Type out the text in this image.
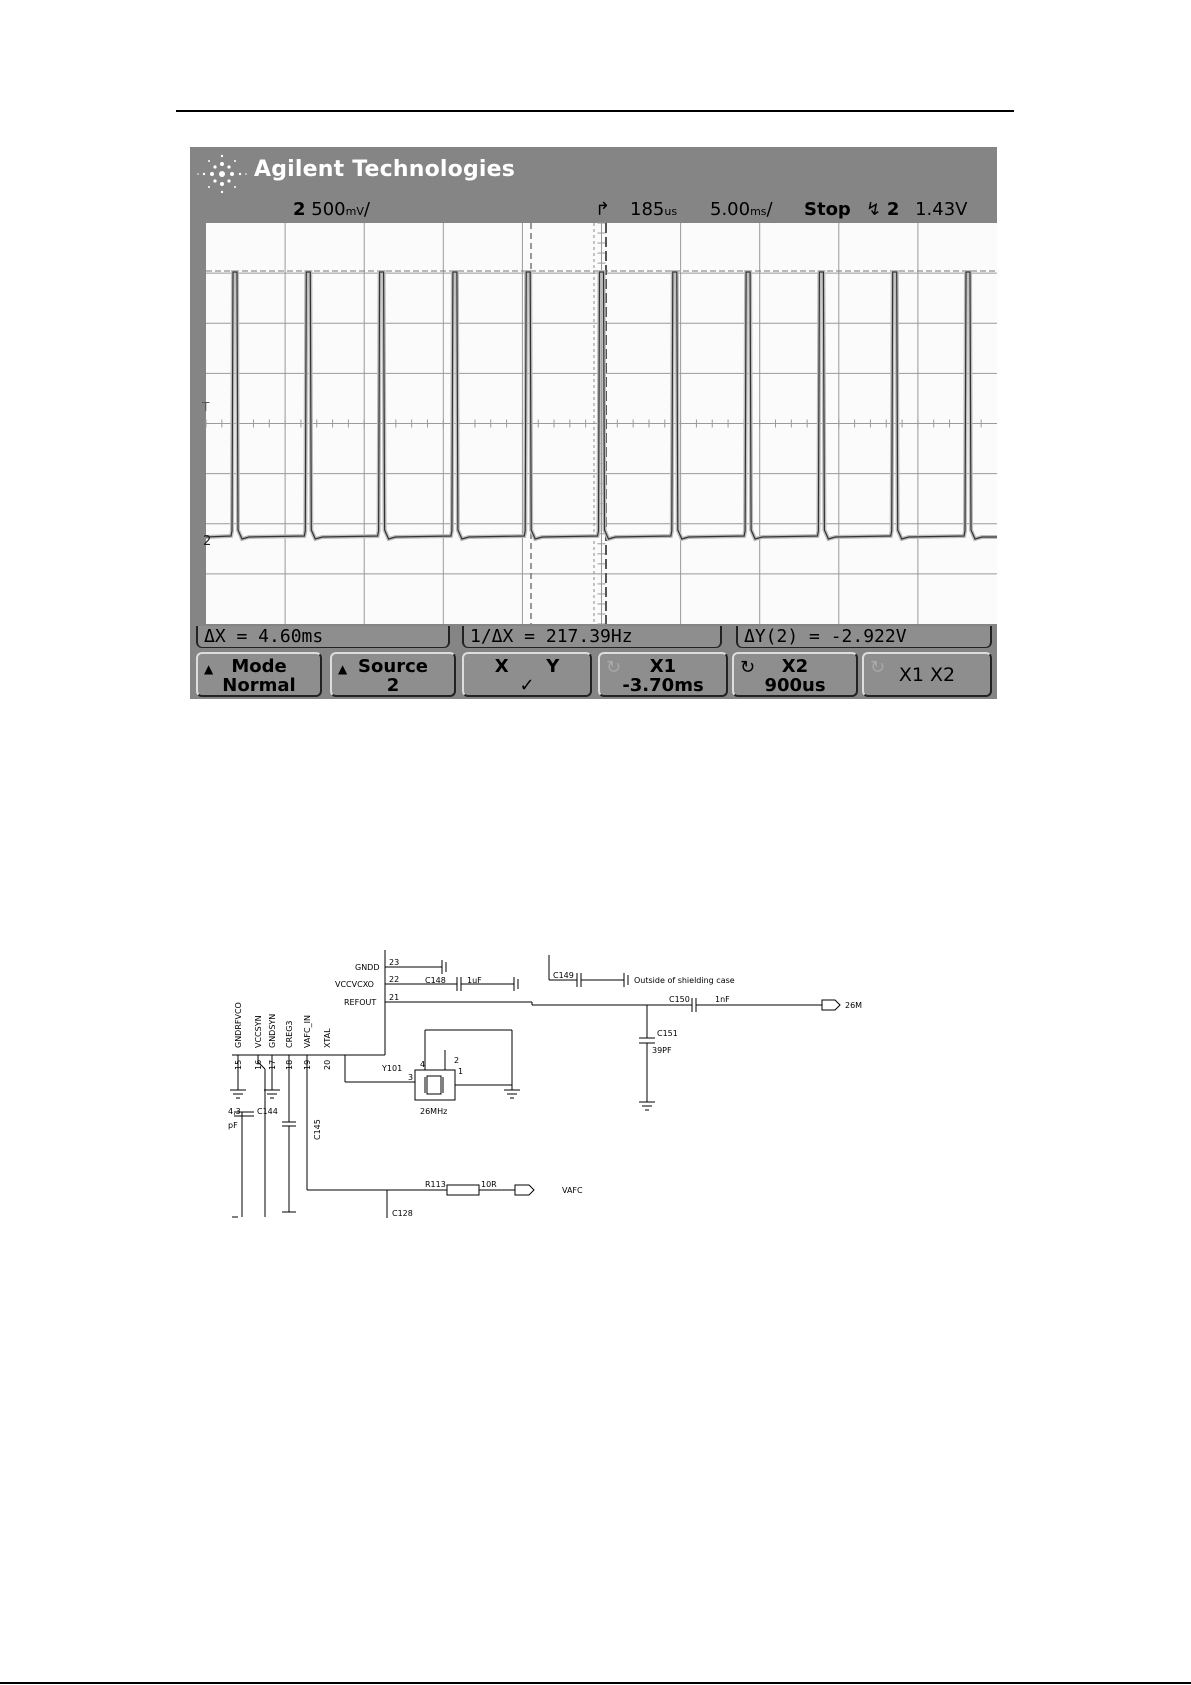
Agilent Technologies
2 500mV/	↱ 185us 5.00ms/ Stop ↯ 2 1.43V
T
2
ΔX = 4.60ms	1/ΔX = 217.39Hz	ΔY(2) = -2.922V
▲	Mode
Normal
▲ Source
2
X      Y
✓
↻	X1
-3.70ms
↻	X2
900us
↻ X1 X2
GNDD
23
VCCVCXO
22
REFOUT
21
C148	1uF
C149
Outside of shielding case
C150	1nF
26M
C151
39PF
Y101
26MHz
4	2
3
1
C144
4,3
pF	C145
R113	10R
VAFC
C128
GNDRFVCO
15
VCCSYN
16
GNDSYN
17
CREG3
18
VAFC_IN
19
XTAL
20
